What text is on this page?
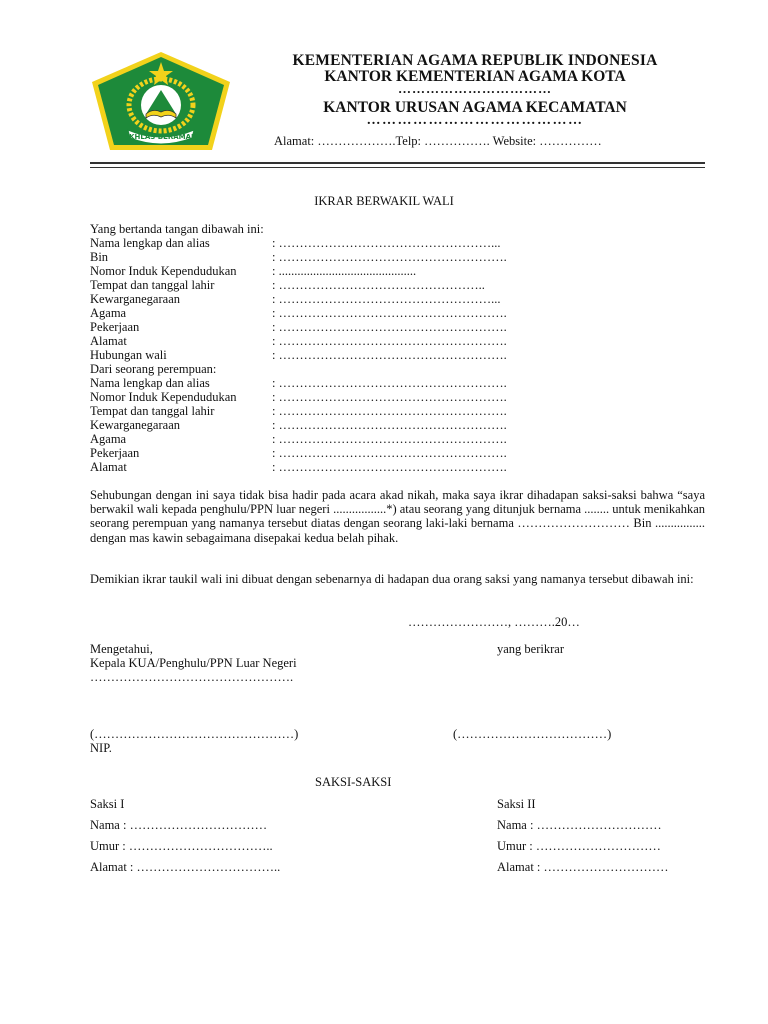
IKHLAS BERAMAL
KEMENTERIAN AGAMA REPUBLIK INDONESIA
KANTOR KEMENTERIAN AGAMA KOTA
……………………………
KANTOR URUSAN AGAMA KECAMATAN
……………………………………
Alamat: ……………….Telp: ……………. Website: ……………
IKRAR BERWAKIL WALI
Yang bertanda tangan dibawah ini:
Nama lengkap dan alias	: ……………………………………………...
Bin	: ……………………………………………….
Nomor Induk Kependudukan	: ............................................
Tempat dan tanggal lahir	: …………………………………………..
Kewarganegaraan	: ……………………………………………...
Agama	: ……………………………………………….
Pekerjaan	: ……………………………………………….
Alamat	: ……………………………………………….
Hubungan wali	: ……………………………………………….
Dari seorang perempuan:
Nama lengkap dan alias	: ……………………………………………….
Nomor Induk Kependudukan	: ……………………………………………….
Tempat dan tanggal lahir	: ……………………………………………….
Kewarganegaraan	: ……………………………………………….
Agama	: ……………………………………………….
Pekerjaan	: ……………………………………………….
Alamat	: ……………………………………………….
Sehubungan dengan ini saya tidak bisa hadir pada acara akad nikah, maka saya ikrar dihadapan saksi-saksi bahwa “saya berwakil wali kepada penghulu/PPN luar negeri .................*) atau seorang yang ditunjuk bernama ........ untuk menikahkan seorang perempuan yang namanya tersebut diatas dengan seorang laki-laki bernama ……………………… Bin ................ dengan mas kawin sebagaimana disepakai kedua belah pihak.
Demikian ikrar taukil wali ini dibuat dengan sebenarnya di hadapan dua orang saksi yang namanya tersebut dibawah ini:
……………………, ……….20…
Mengetahui,
Kepala KUA/Penghulu/PPN Luar Negeri
………………………………………….
yang berikrar
(…………………………………………)	(………………………………)
NIP.
SAKSI-SAKSI
Saksi I
Nama : ……………………………
Umur : ……………………………..
Alamat : ……………………………..
Saksi II
Nama : …………………………
Umur : …………………………
Alamat : …………………………
